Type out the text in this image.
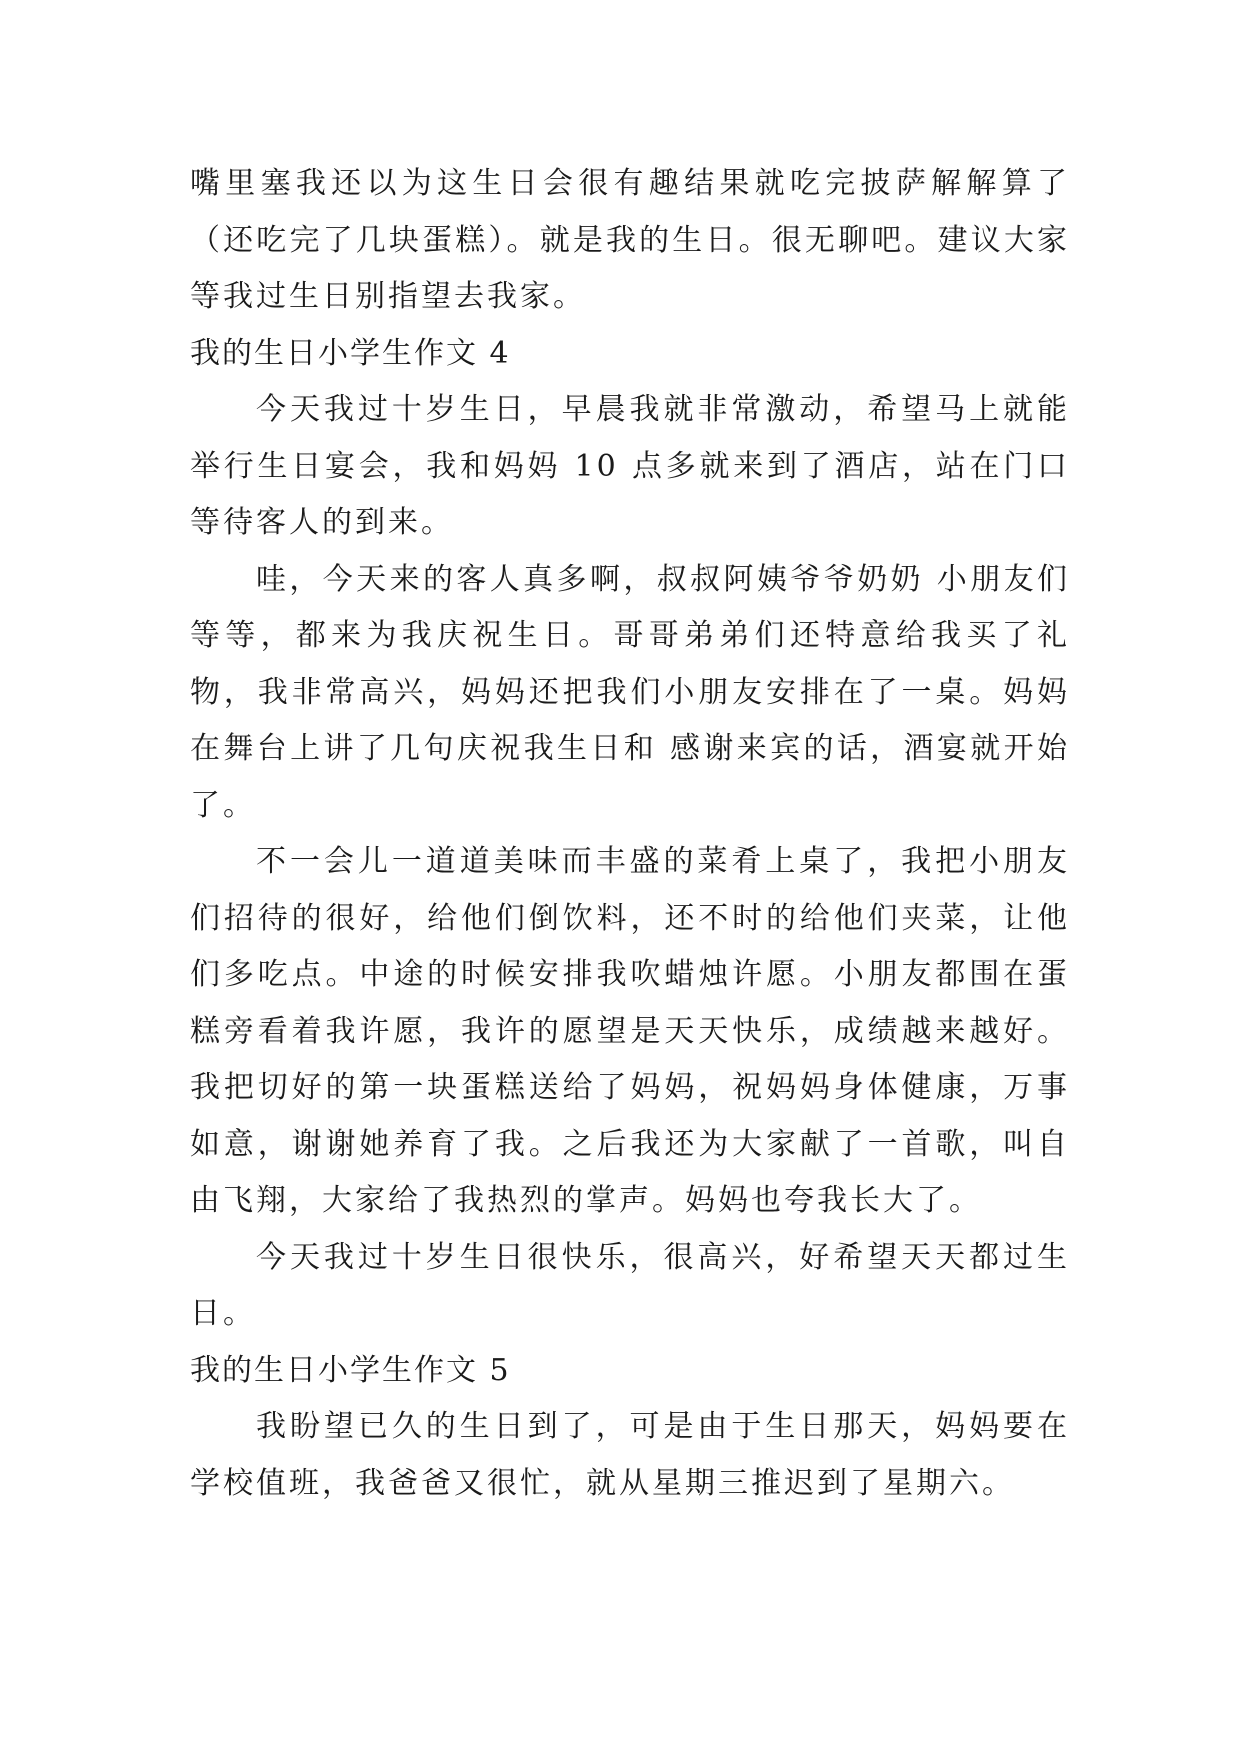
嘴里塞我还以为这生日会很有趣结果就吃完披萨解解算了（还吃完了几块蛋糕）。就是我的生日。很无聊吧。建议大家等我过生日别指望去我家。

我的生日小学生作文 4

今天我过十岁生日，早晨我就非常激动，希望马上就能举行生日宴会，我和妈妈 10 点多就来到了酒店，站在门口等待客人的到来。

哇，今天来的客人真多啊，叔叔阿姨爷爷奶奶 小朋友们等等，都来为我庆祝生日。哥哥弟弟们还特意给我买了礼物，我非常高兴，妈妈还把我们小朋友安排在了一桌。妈妈在舞台上讲了几句庆祝我生日和 感谢来宾的话，酒宴就开始了。

不一会儿一道道美味而丰盛的菜肴上桌了，我把小朋友们招待的很好，给他们倒饮料，还不时的给他们夹菜，让他们多吃点。中途的时候安排我吹蜡烛许愿。小朋友都围在蛋糕旁看着我许愿，我许的愿望是天天快乐，成绩越来越好。我把切好的第一块蛋糕送给了妈妈，祝妈妈身体健康，万事如意，谢谢她养育了我。之后我还为大家献了一首歌，叫自由飞翔，大家给了我热烈的掌声。妈妈也夸我长大了。

今天我过十岁生日很快乐，很高兴，好希望天天都过生日。

我的生日小学生作文 5

我盼望已久的生日到了，可是由于生日那天，妈妈要在学校值班，我爸爸又很忙，就从星期三推迟到了星期六。
